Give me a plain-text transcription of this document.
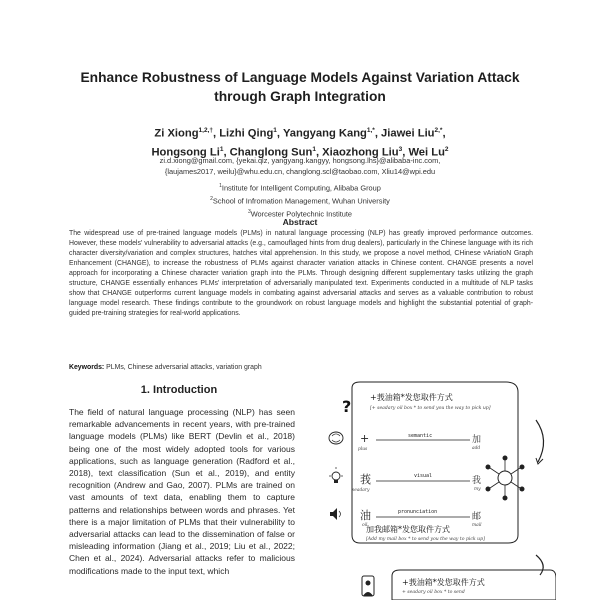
Enhance Robustness of Language Models Against Variation Attack
through Graph Integration
Zi Xiong$^{1,2,\dagger}$, Lizhi Qing$^1$, Yangyang Kang$^{1,*}$, Jiawei Liu$^{2,*}$,
Hongsong Li$^1$, Changlong Sun$^1$, Xiaozhong Liu$^3$, Wei Lu$^2$
zi.d.xiong@gmail.com, {yekai.qlz, yangyang.kangyy, hongsong.lhs}@alibaba-inc.com,
{laujames2017, weilu}@whu.edu.cn, changlong.scl@taobao.com, Xliu14@wpi.edu
$^1$Institute for Intelligent Computing, Alibaba Group
$^2$School of Infromation Management, Wuhan University
$^3$Worcester Polytechnic Institute
Abstract
The widespread use of pre-trained language models (PLMs) in natural language processing (NLP) has greatly improved performance outcomes. However, these models' vulnerability to adversarial attacks (e.g., camouflaged hints from drug dealers), particularly in the Chinese language with its rich character diversity/variation and complex structures, hatches vital apprehension. In this study, we propose a novel method, CHinese vAriatioN Graph Enhancement (CHANGE), to increase the robustness of PLMs against character variation attacks in Chinese content. CHANGE presents a novel approach for incorporating a Chinese character variation graph into the PLMs. Through designing different supplementary tasks utilizing the graph structure, CHANGE essentially enhances PLMs' interpretation of adversarially manipulated text. Experiments conducted in a multitude of NLP tasks show that CHANGE outperforms current language models in combating against adversarial attacks and serves as a valuable contribution to robust language model research. These findings contribute to the groundwork on robust language models and highlight the substantial potential of graph-guided pre-training strategies for real-world applications.
Keywords: PLMs, Chinese adversarial attacks, variation graph
1. Introduction
The field of natural language processing (NLP) has seen remarkable advancements in recent years, with pre-trained language models (PLMs) like BERT (Devlin et al., 2018) being one of the most widely adopted tools for various applications, such as language generation (Radford et al., 2018), text classification (Sun et al., 2019), and entity recognition (Andrew and Gao, 2007). PLMs are trained on vast amounts of text data, enabling them to capture patterns and relationships between words and phrases. Yet there is a major limitation of PLMs that their vulnerability to adversarial attacks can lead to the dissemination of false or misleading information (Jiang et al., 2019; Liu et al., 2022; Chen et al., 2024). Adversarial attacks refer to malicious modifications made to the input text, which
? +莪油箱*发您取件方式
[+ seadary oil box * to send you the way to pick up]
semantic
visual
pronunciation
+
plus
莪
seadary
油
oil
加
add
我
my
邮
mail
加我邮箱*发您取件方式
[Add my mail box * to send you the way to pick up]
+莪油箱*发您取件方式
+ seadary oil box * to send
